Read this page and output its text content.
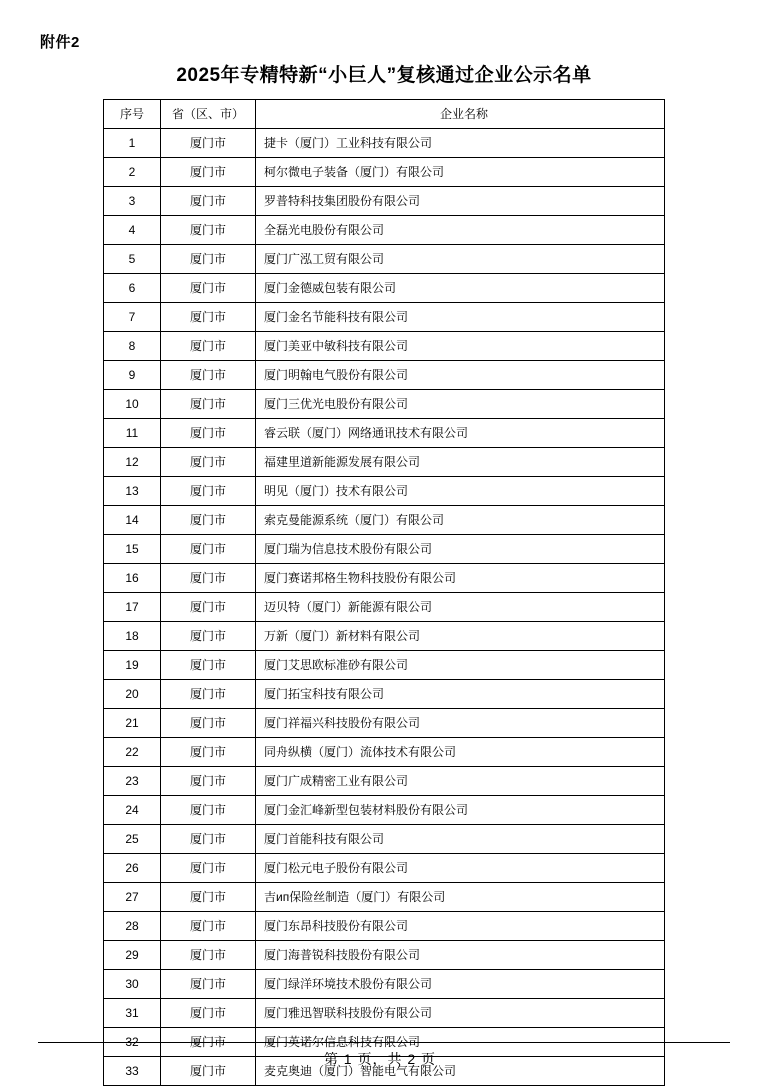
附件2
2025年专精特新“小巨人”复核通过企业公示名单
序号	省（区、市）	企业名称
1	厦门市	捷卡（厦门）工业科技有限公司
2	厦门市	柯尔微电子装备（厦门）有限公司
3	厦门市	罗普特科技集团股份有限公司
4	厦门市	全磊光电股份有限公司
5	厦门市	厦门广泓工贸有限公司
6	厦门市	厦门金德威包装有限公司
7	厦门市	厦门金名节能科技有限公司
8	厦门市	厦门美亚中敏科技有限公司
9	厦门市	厦门明翰电气股份有限公司
10	厦门市	厦门三优光电股份有限公司
11	厦门市	睿云联（厦门）网络通讯技术有限公司
12	厦门市	福建里道新能源发展有限公司
13	厦门市	明见（厦门）技术有限公司
14	厦门市	索克曼能源系统（厦门）有限公司
15	厦门市	厦门瑞为信息技术股份有限公司
16	厦门市	厦门赛诺邦格生物科技股份有限公司
17	厦门市	迈贝特（厦门）新能源有限公司
18	厦门市	万新（厦门）新材料有限公司
19	厦门市	厦门艾思欧标准砂有限公司
20	厦门市	厦门拓宝科技有限公司
21	厦门市	厦门祥福兴科技股份有限公司
22	厦门市	同舟纵横（厦门）流体技术有限公司
23	厦门市	厦门广成精密工业有限公司
24	厦门市	厦门金汇峰新型包装材料股份有限公司
25	厦门市	厦门首能科技有限公司
26	厦门市	厦门松元电子股份有限公司
27	厦门市	吉ип保险丝制造（厦门）有限公司
28	厦门市	厦门东昂科技股份有限公司
29	厦门市	厦门海普锐科技股份有限公司
30	厦门市	厦门绿洋环境技术股份有限公司
31	厦门市	厦门雅迅智联科技股份有限公司
32	厦门市	厦门英诺尔信息科技有限公司
33	厦门市	麦克奥迪（厦门）智能电气有限公司
第 1 页，共 2 页
